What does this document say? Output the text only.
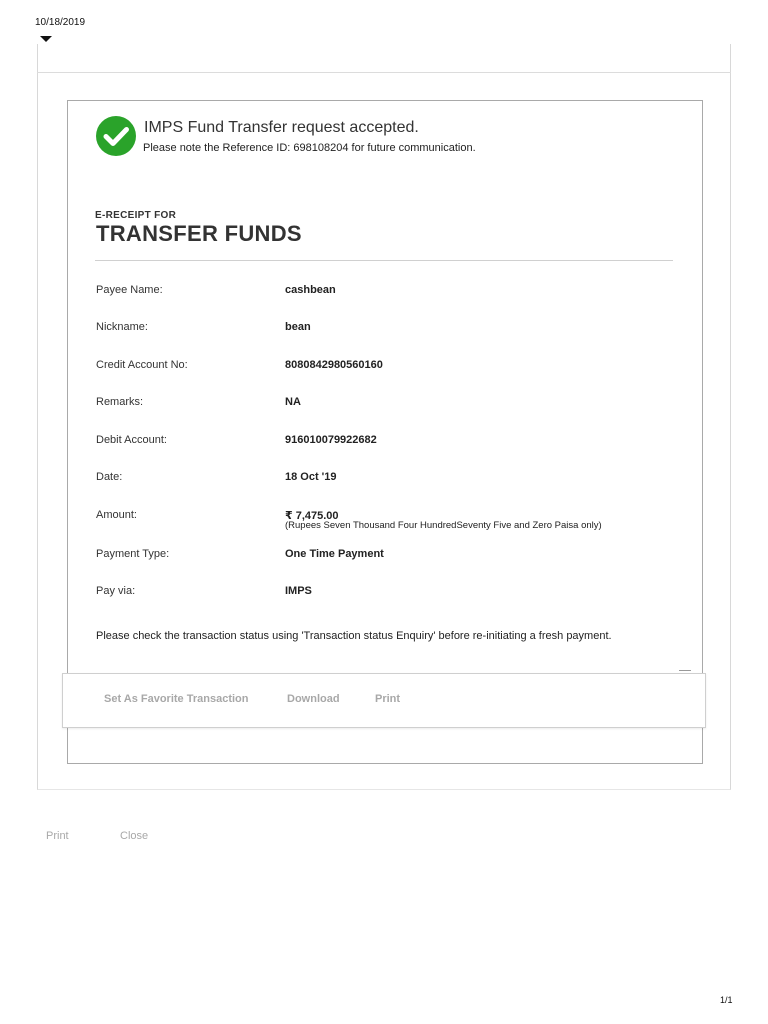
10/18/2019
IMPS Fund Transfer request accepted.
Please note the Reference ID: 698108204 for future communication.
E-RECEIPT FOR
TRANSFER FUNDS
Payee Name:	cashbean
Nickname:	bean
Credit Account No:	8080842980560160
Remarks:	NA
Debit Account:	916010079922682
Date:	18 Oct '19
Amount:	₹ 7,475.00
(Rupees Seven Thousand Four HundredSeventy Five and Zero Paisa only)
Payment Type:	One Time Payment
Pay via:	IMPS
Please check the transaction status using 'Transaction status Enquiry' before re-initiating a fresh payment.
Set As Favorite Transaction	Download	Print
Print	Close
1/1
